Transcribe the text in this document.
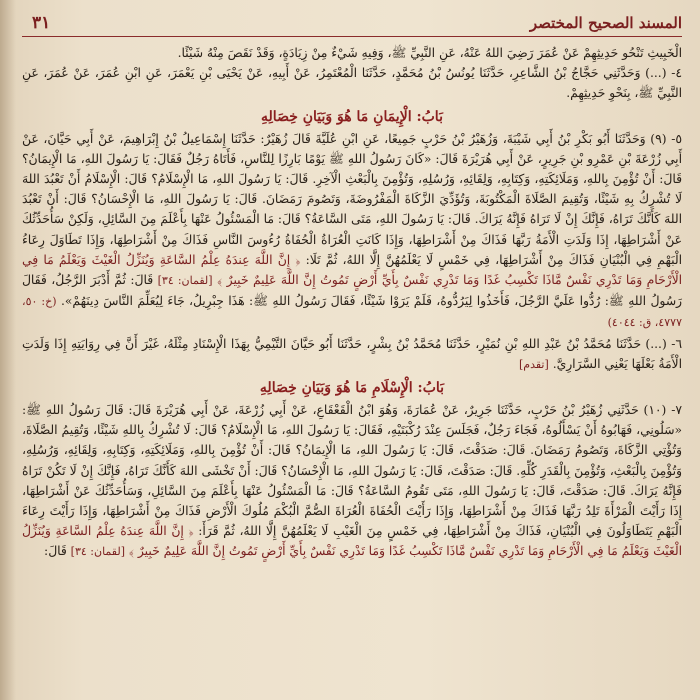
٣١	المسند الصحيح المختصر

الْخَبِيثِ تَنْحُو حَدِيثِهِمْ عَنْ عُمَرَ رَضِيَ اللهُ عَنْهُ، عَنِ النَّبِيِّ ﷺ، وَفِيهِ شَيْءٌ مِنْ زِيَادَةٍ، وَقَدْ نَقَصَ مِنْهُ شَيْئًا.

٤- (...) وَحَدَّثَنِي حَجَّاجُ بْنُ الشَّاعِرِ، حَدَّثَنَا يُونُسُ بْنُ مُحَمَّدٍ، حَدَّثَنَا الْمُعْتَمِرُ، عَنْ أَبِيهِ، عَنْ يَحْيَى بْنِ يَعْمَرَ، عَنِ ابْنِ عُمَرَ، عَنْ عُمَرَ، عَنِ النَّبِيِّ ﷺ، بِنَحْوِ حَدِيثِهِمْ.

بَابُ: الْإِيمَانِ مَا هُوَ وَبَيَانِ خِصَالِهِ

٥- (٩) وَحَدَّثَنَا أَبُو بَكْرِ بْنُ أَبِي شَيْبَةَ، وَزُهَيْرُ بْنُ حَرْبٍ جَمِيعًا، عَنِ ابْنِ عُلَيَّةَ قَالَ زُهَيْرٌ: حَدَّثَنَا إِسْمَاعِيلُ بْنُ إِبْرَاهِيمَ، عَنْ أَبِي حَيَّانَ، عَنْ أَبِي زُرْعَةَ بْنِ عَمْرِو بْنِ جَرِيرٍ، عَنْ أَبِي هُرَيْرَةَ قَالَ: «كَانَ رَسُولُ اللهِ ﷺ يَوْمًا بَارِزًا لِلنَّاسِ، فَأَتَاهُ رَجُلٌ فَقَالَ: يَا رَسُولَ اللهِ، مَا الْإِيمَانُ؟ قَالَ: أَنْ تُؤْمِنَ بِاللهِ، وَمَلَائِكَتِهِ، وَكِتَابِهِ، وَلِقَائِهِ، وَرُسُلِهِ، وَتُؤْمِنَ بِالْبَعْثِ الْآخِرِ. قَالَ: يَا رَسُولَ اللهِ، مَا الْإِسْلَامُ؟ قَالَ: الْإِسْلَامُ أَنْ تَعْبُدَ اللهَ لَا تُشْرِكُ بِهِ شَيْئًا، وَتُقِيمَ الصَّلَاةَ الْمَكْتُوبَةَ، وَتُؤَدِّيَ الزَّكَاةَ الْمَفْرُوضَةَ، وَتَصُومَ رَمَضَانَ. قَالَ: يَا رَسُولَ اللهِ، مَا الْإِحْسَانُ؟ قَالَ: أَنْ تَعْبُدَ اللهَ كَأَنَّكَ تَرَاهُ، فَإِنَّكَ إِنْ لَا تَرَاهُ فَإِنَّهُ يَرَاكَ. قَالَ: يَا رَسُولَ اللهِ، مَتَى السَّاعَةُ؟ قَالَ: مَا الْمَسْئُولُ عَنْهَا بِأَعْلَمَ مِنَ السَّائِلِ، وَلَكِنْ سَأُحَدِّثُكَ عَنْ أَشْرَاطِهَا، إِذَا وَلَدَتِ الْأَمَةُ رَبَّهَا فَذَاكَ مِنْ أَشْرَاطِهَا، وَإِذَا كَانَتِ الْعُرَاةُ الْحُفَاةُ رُءُوسَ النَّاسِ فَذَاكَ مِنْ أَشْرَاطِهَا، وَإِذَا تَطَاوَلَ رِعَاءُ الْبَهْمِ فِي الْبُنْيَانِ فَذَاكَ مِنْ أَشْرَاطِهَا، فِي خَمْسٍ لَا يَعْلَمُهُنَّ إِلَّا اللهُ، ثُمَّ تَلَا: ﴿ إِنَّ اللَّهَ عِندَهُ عِلْمُ السَّاعَةِ وَيُنَزِّلُ الْغَيْثَ وَيَعْلَمُ مَا فِي الْأَرْحَامِ وَمَا تَدْرِي نَفْسٌ مَّاذَا تَكْسِبُ غَدًا وَمَا تَدْرِي نَفْسٌ بِأَيِّ أَرْضٍ تَمُوتُ إِنَّ اللَّهَ عَلِيمٌ خَبِيرٌ ﴾ [لقمان: ٣٤] قَالَ: ثُمَّ أَدْبَرَ الرَّجُلُ، فَقَالَ رَسُولُ اللهِ ﷺ: رُدُّوا عَلَيَّ الرَّجُلَ، فَأَخَذُوا لِيَرُدُّوهُ، فَلَمْ يَرَوْا شَيْئًا، فَقَالَ رَسُولُ اللهِ ﷺ: هَذَا جِبْرِيلُ، جَاءَ لِيُعَلِّمَ النَّاسَ دِينَهُمْ». (خ: ٥٠، ٤٧٧٧، ق: ٤٠٤٤)

٦- (...) حَدَّثَنَا مُحَمَّدُ بْنُ عَبْدِ اللهِ بْنِ نُمَيْرٍ، حَدَّثَنَا مُحَمَّدُ بْنُ بِشْرٍ، حَدَّثَنَا أَبُو حَيَّانَ التَّيْمِيُّ بِهَذَا الْإِسْنَادِ مِثْلَهُ، غَيْرَ أَنَّ فِي رِوَايَتِهِ إِذَا وَلَدَتِ الْأَمَةُ بَعْلَهَا يَعْنِي السَّرَارِيَّ. [تقدم]

بَابُ: الْإِسْلَامِ مَا هُوَ وَبَيَانِ خِصَالِهِ

٧- (١٠) حَدَّثَنِي زُهَيْرُ بْنُ حَرْبٍ، حَدَّثَنَا جَرِيرٌ، عَنْ عُمَارَةَ، وَهُوَ ابْنُ الْقَعْقَاعِ، عَنْ أَبِي زُرْعَةَ، عَنْ أَبِي هُرَيْرَةَ قَالَ: قَالَ رَسُولُ اللهِ ﷺ: «سَلُونِي، فَهَابُوهُ أَنْ يَسْأَلُوهُ، فَجَاءَ رَجُلٌ، فَجَلَسَ عِنْدَ رُكْبَتَيْهِ، فَقَالَ: يَا رَسُولَ اللهِ، مَا الْإِسْلَامُ؟ قَالَ: لَا تُشْرِكُ بِاللهِ شَيْئًا، وَتُقِيمُ الصَّلَاةَ، وَتُؤْتِي الزَّكَاةَ، وَتَصُومُ رَمَضَانَ. قَالَ: صَدَقْتَ، قَالَ: يَا رَسُولَ اللهِ، مَا الْإِيمَانُ؟ قَالَ: أَنْ تُؤْمِنَ بِاللهِ، وَمَلَائِكَتِهِ، وَكِتَابِهِ، وَلِقَائِهِ، وَرُسُلِهِ، وَتُؤْمِنَ بِالْبَعْثِ، وَتُؤْمِنَ بِالْقَدَرِ كُلِّهِ. قَالَ: صَدَقْتَ، قَالَ: يَا رَسُولَ اللهِ، مَا الْإِحْسَانُ؟ قَالَ: أَنْ تَخْشَى اللهَ كَأَنَّكَ تَرَاهُ، فَإِنَّكَ إِنْ لَا تَكُنْ تَرَاهُ فَإِنَّهُ يَرَاكَ. قَالَ: صَدَقْتَ، قَالَ: يَا رَسُولَ اللهِ، مَتَى تَقُومُ السَّاعَةُ؟ قَالَ: مَا الْمَسْئُولُ عَنْهَا بِأَعْلَمَ مِنَ السَّائِلِ، وَسَأُحَدِّثُكَ عَنْ أَشْرَاطِهَا، إِذَا رَأَيْتَ الْمَرْأَةَ تَلِدُ رَبَّهَا فَذَاكَ مِنْ أَشْرَاطِهَا، وَإِذَا رَأَيْتَ الْحُفَاةَ الْعُرَاةَ الصُّمَّ الْبُكْمَ مُلُوكَ الْأَرْضِ فَذَاكَ مِنْ أَشْرَاطِهَا، وَإِذَا رَأَيْتَ رِعَاءَ الْبَهْمِ يَتَطَاوَلُونَ فِي الْبُنْيَانِ، فَذَاكَ مِنْ أَشْرَاطِهَا، فِي خَمْسٍ مِنَ الْغَيْبِ لَا يَعْلَمُهُنَّ إِلَّا اللهُ، ثُمَّ قَرَأَ: ﴿ إِنَّ اللَّهَ عِندَهُ عِلْمُ السَّاعَةِ وَيُنَزِّلُ الْغَيْثَ وَيَعْلَمُ مَا فِي الْأَرْحَامِ وَمَا تَدْرِي نَفْسٌ مَّاذَا تَكْسِبُ غَدًا وَمَا تَدْرِي نَفْسٌ بِأَيِّ أَرْضٍ تَمُوتُ إِنَّ اللَّهَ عَلِيمٌ خَبِيرٌ ﴾ [لقمان: ٣٤] قَالَ:
